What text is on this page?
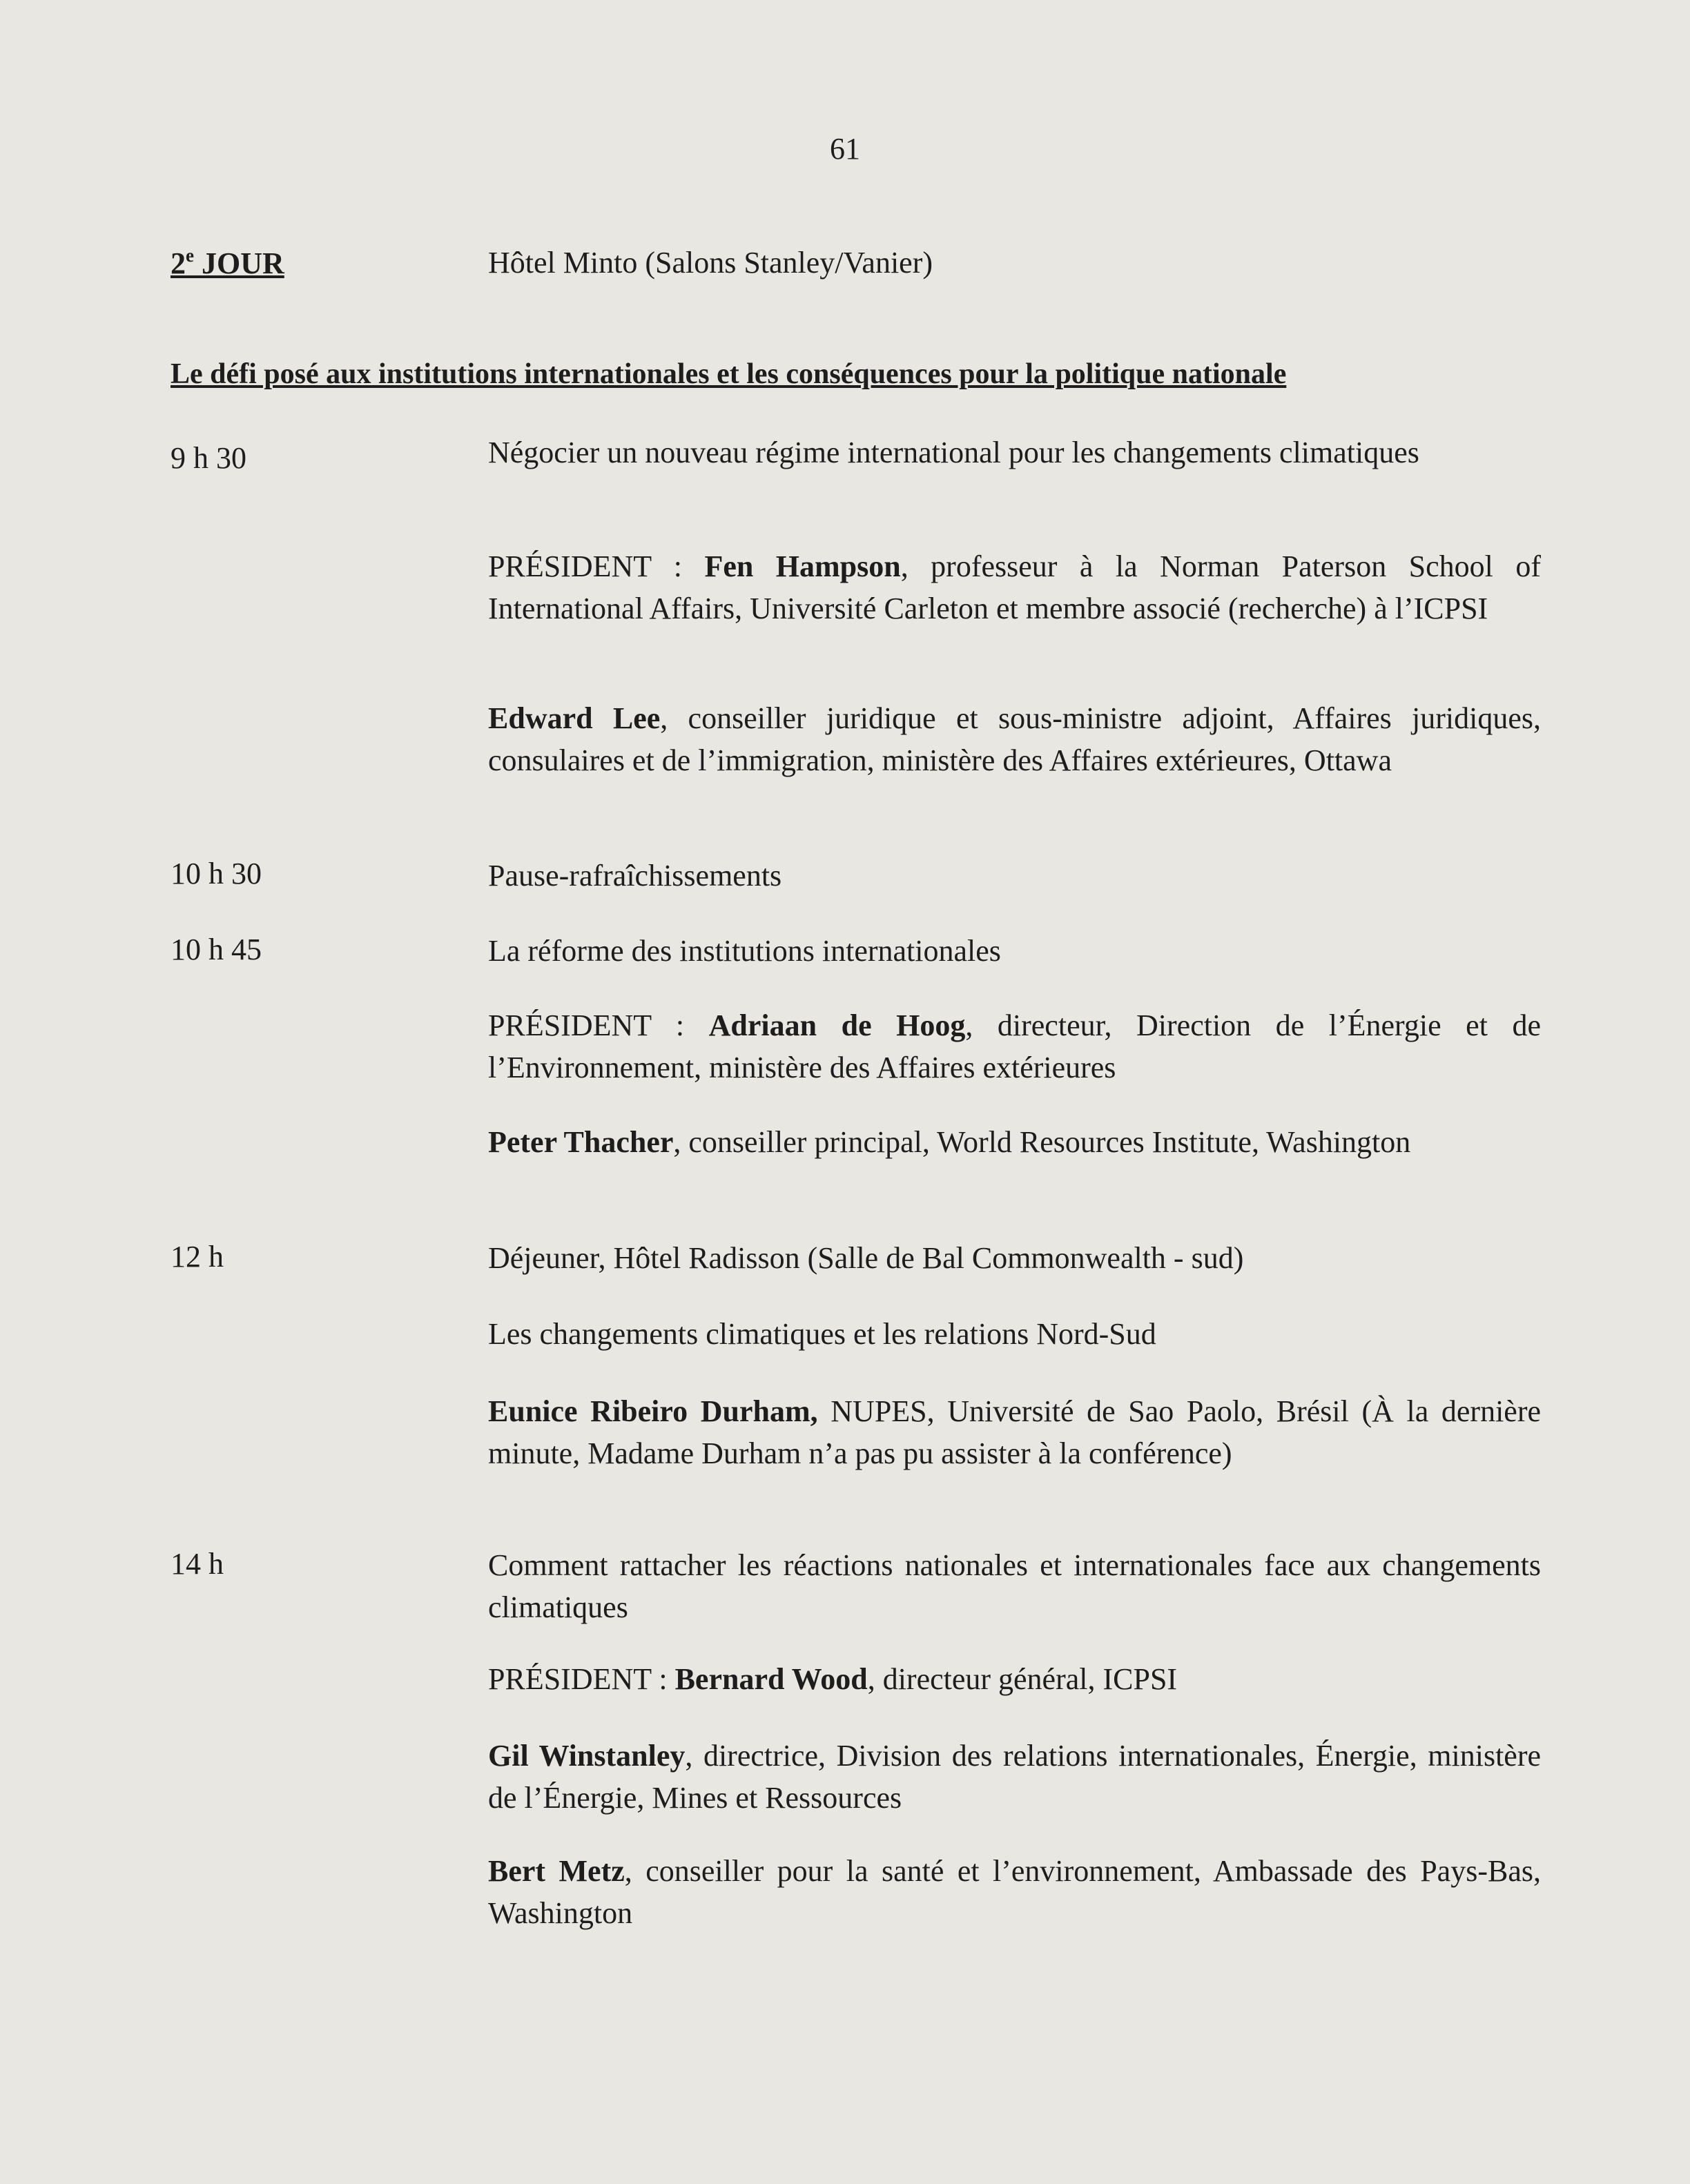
61
2e JOUR	Hôtel Minto (Salons Stanley/Vanier)
Le défi posé aux institutions internationales et les conséquences pour la politique nationale
9 h 30
10 h 30
10 h 45
12 h
14 h
Négocier un nouveau régime international pour les changements climatiques
PRÉSIDENT : Fen Hampson, professeur à la Norman Paterson School of International Affairs, Université Carleton et membre associé (recherche) à l’ICPSI
Edward Lee, conseiller juridique et sous-ministre adjoint, Affaires juridiques, consulaires et de l’immigration, ministère des Affaires extérieures, Ottawa
Pause-rafraîchissements
La réforme des institutions internationales
PRÉSIDENT : Adriaan de Hoog, directeur, Direction de l’Énergie et de l’Environnement, ministère des Affaires extérieures
Peter Thacher, conseiller principal, World Resources Institute, Washington
Déjeuner, Hôtel Radisson (Salle de Bal Commonwealth - sud)
Les changements climatiques et les relations Nord-Sud
Eunice Ribeiro Durham, NUPES, Université de Sao Paolo, Brésil (À la dernière minute, Madame Durham n’a pas pu assister à la conférence)
Comment rattacher les réactions nationales et internationales face aux changements climatiques
PRÉSIDENT : Bernard Wood, directeur général, ICPSI
Gil Winstanley, directrice, Division des relations internationales, Énergie, ministère de l’Énergie, Mines et Ressources
Bert Metz, conseiller pour la santé et l’environnement, Ambassade des Pays-Bas, Washington
